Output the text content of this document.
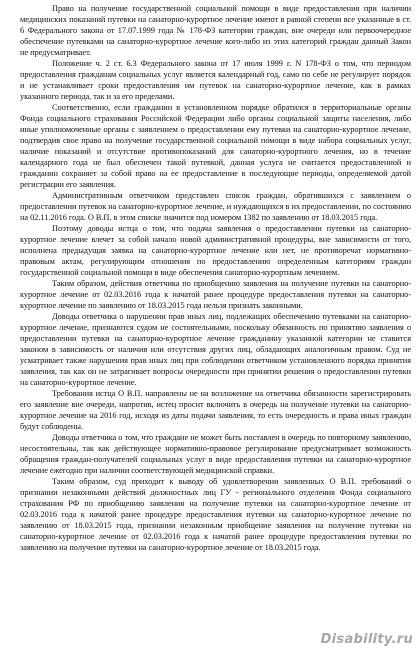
Право на получение государственной социальной помощи в виде предоставления при наличии медицинских показаний путевки на санаторно-курортное лечение имеют в равной степени все указанные в ст. 6 Федерального закона от 17.07.1999 года № 178-ФЗ категории граждан, вне очереди или первоочередное обеспечение путевками на санаторно-курортное лечение кого-либо из этих категорий граждан данный Закон не предусматривает.

Положение ч. 2 ст. 6.3 Федерального закона от 17 июля 1999 г. N 178-ФЗ о том, что периодом предоставления гражданам социальных услуг является календарный год, само по себе не регулирует порядок и не устанавливает сроки предоставления им путевок на санаторно-курортное лечение, как в рамках указанного периода, так и за его пределами.

Соответственно, если гражданин в установленном порядке обратился в территориальные органы Фонда социального страхования Российской Федерации либо органы социальной защиты населения, либо иные уполномоченные органы с заявлением о предоставлении ему путевки на санаторно-курортное лечение, подтвердив свое право на получение государственной социальной помощи в виде набора социальных услуг, наличие показаний и отсутствие противопоказаний для санаторно-курортного лечения, но в течение календарного года не был обеспечен такой путевкой, данная услуга не считается предоставленной и гражданин сохраняет за собой право на ее предоставление в последующие периоды, определяемой датой регистрации его заявления.

Административным ответчиком представлен список граждан, обратившихся с заявлением о предоставлении путевок на санаторно-курортное лечение, и нуждающихся в их предоставлении, по состоянию на 02.11.2016 года. О В.П. в этом списке значится под номером 1382 по заявлению от 18.03.2015 года.

Поэтому доводы истца о том, что подача заявления о предоставлении путевки на санаторно-курортное лечение влечет за собой начало новой административной процедуры, вне зависимости от того, исполнена предыдущая заявка на санаторно-курортное лечение или нет, не противоречат нормативно-правовым актам, регулирующим отношения по предоставлению определенным категориям граждан государственной социальной помощи в виде обеспечения санаторно-курортным лечением.

Таким образом, действия ответчика по приобщению заявления на получение путевки на санаторно-курортное лечение от 02.03.2016 года к начатой ранее процедуре предоставления путевки на санаторно-курортное лечение по заявлению от 18.03.2015 года нельзя признать законными.

Доводы ответчика о нарушении прав иных лиц, подлежащих обеспечению путевками на санаторно-курортное лечение, признаются судом не состоятельными, поскольку обязанность по принятию заявления о предоставлении путевки на санаторно-курортное лечение гражданину указанной категории не ставится законом в зависимость от наличия или отсутствия других лиц, обладающих аналогичным правом. Суд не усматривает также нарушения прав иных лиц при соблюдении ответчиком установленного порядка принятия заявления, так как он не затрагивает вопросы очередности при принятии решения о предоставлении путевки на санаторно-курортное лечение.

Требования истца О В.П. направлены не на возложение на ответчика обязанности зарегистрировать его заявление вне очереди, напротив, истец просит включить в очередь на получение путевки на санаторно-курортное лечение на 2016 год, исходя из даты подачи заявления, то есть очередность и права иных граждан будут соблюдены.

Доводы ответчика о том, что граждане не может быть поставлен в очередь по повторному заявлению, несостоятельны, так как действующее нормативно-правовое регулирование предусматривает возможность обращения граждан-получателей социальных услуг в виде предоставления путевки на санаторно-курортное лечение ежегодно при наличии соответствующей медицинской справки.

Таким образом, суд приходит к выводу об удовлетворении заявленных О В.П. требований о признании незаконными действий должностных лиц ГУ - регионального отделения Фонда социального страхования РФ по приобщению заявления на получение путевки на санаторно-курортное лечение от 02.03.2016 года к начатой ранее процедуре предоставления путевки на санаторно-курортное лечение по заявлению от 18.03.2015 года, признании незаконным приобщение заявления на получение путевки на санаторно-курортное лечение от 02.03.2016 года к начатой ранее процедуре предоставления путевки по заявлению на получение путевки на санаторно-курортное лечение от 18.03.2015 года.

Disability.ru
